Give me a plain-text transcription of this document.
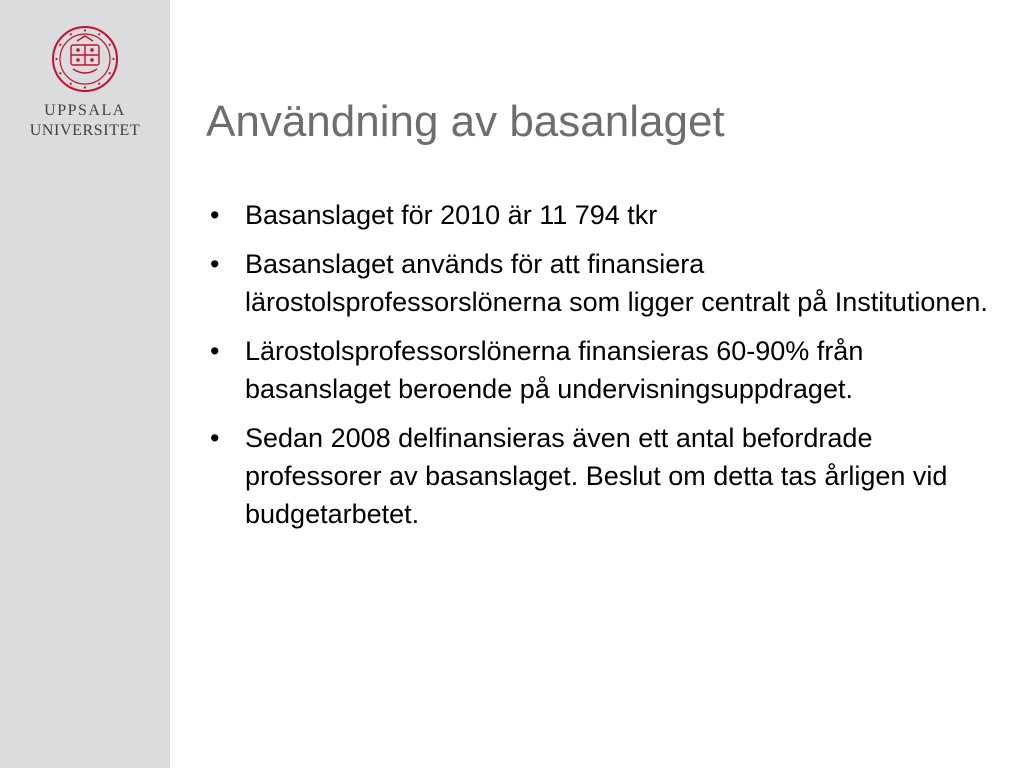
UPPSALA
UNIVERSITET	Användning av basanlaget
• Basanslaget för 2010 är 11 794 tkr
• Basanslaget används för att finansiera lärostolsprofessorslönerna som ligger centralt på Institutionen.
• Lärostolsprofessorslönerna finansieras 60-90% från basanslaget beroende på undervisningsuppdraget.
• Sedan 2008 delfinansieras även ett antal befordrade professorer av basanslaget. Beslut om detta tas årligen vid budgetarbetet.
